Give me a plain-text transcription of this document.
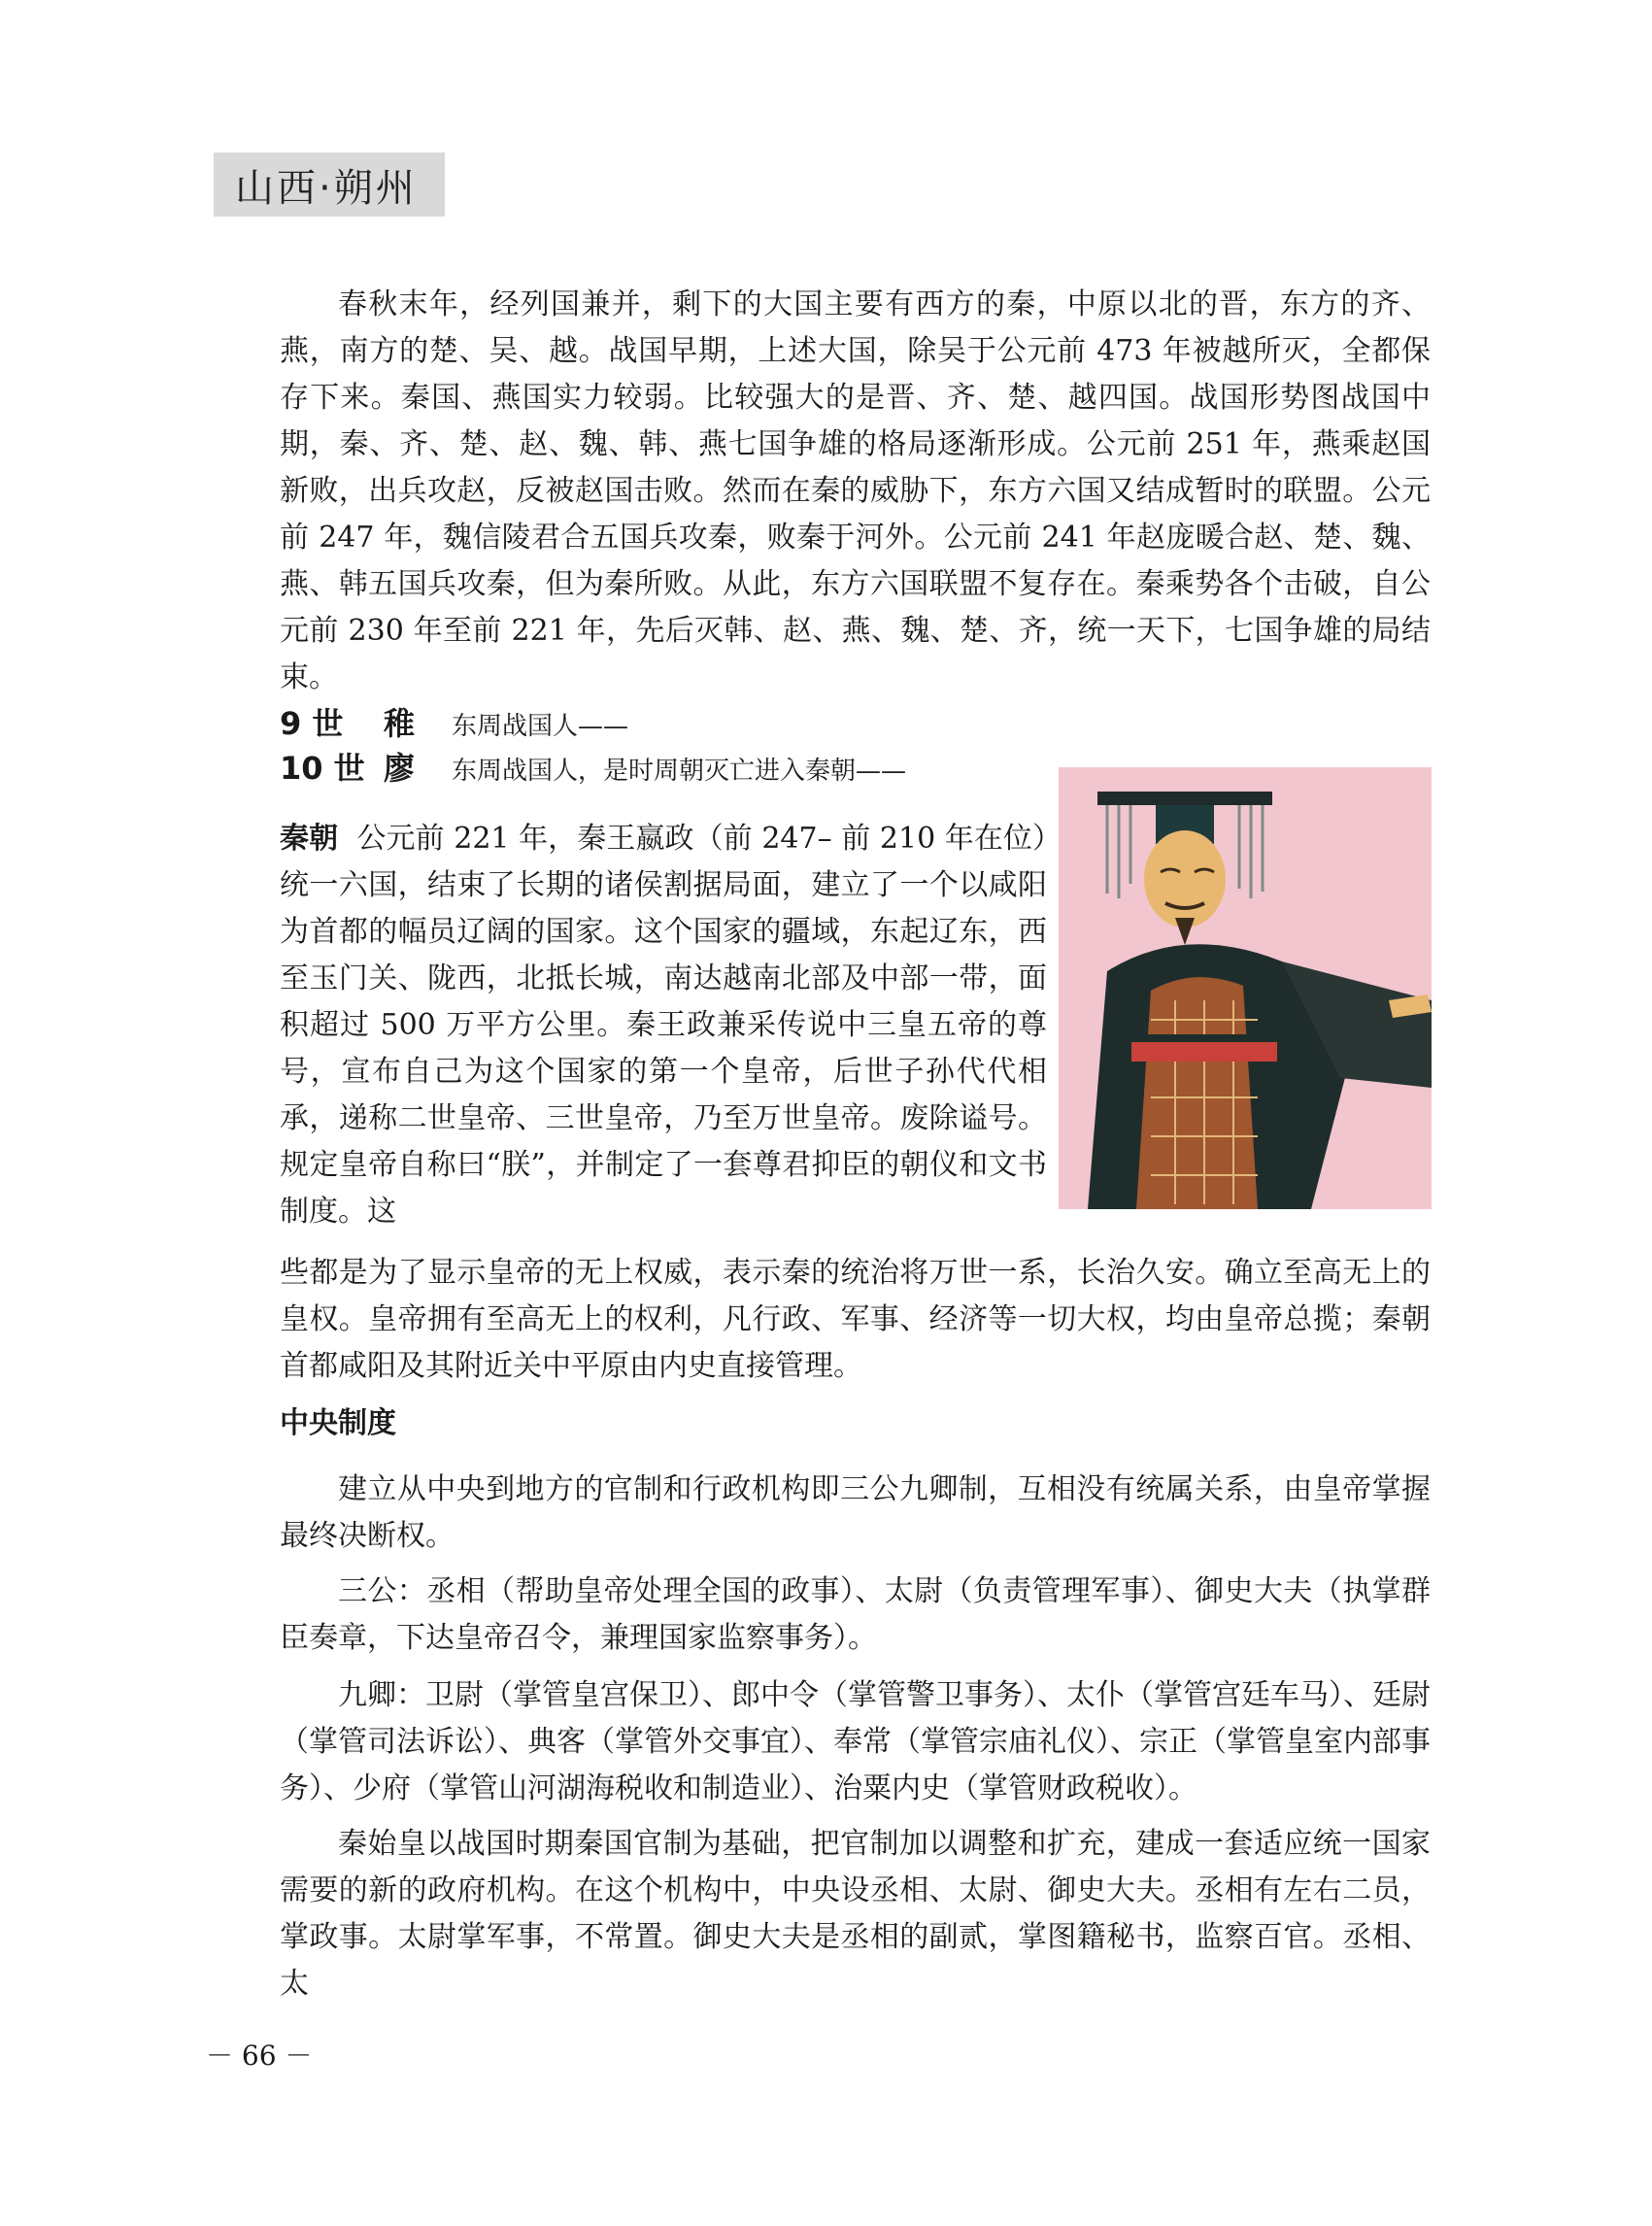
山西·朔州

春秋末年，经列国兼并，剩下的大国主要有西方的秦，中原以北的晋，东方的齐、燕，南方的楚、吴、越。战国早期，上述大国，除吴于公元前 473 年被越所灭，全都保存下来。秦国、燕国实力较弱。比较强大的是晋、齐、楚、越四国。战国形势图战国中期，秦、齐、楚、赵、魏、韩、燕七国争雄的格局逐渐形成。公元前 251 年，燕乘赵国新败，出兵攻赵，反被赵国击败。然而在秦的威胁下，东方六国又结成暂时的联盟。公元前 247 年，魏信陵君合五国兵攻秦，败秦于河外。公元前 241 年赵庞暖合赵、楚、魏、燕、韩五国兵攻秦，但为秦所败。从此，东方六国联盟不复存在。秦乘势各个击破，自公元前 230 年至前 221 年，先后灭韩、赵、燕、魏、楚、齐，统一天下，七国争雄的局结束。

9 世	稚	东周战国人——
10 世 廖	东周战国人，是时周朝灭亡进入秦朝——

秦朝 公元前 221 年，秦王嬴政（前 247– 前 210 年在位）统一六国，结束了长期的诸侯割据局面，建立了一个以咸阳为首都的幅员辽阔的国家。这个国家的疆域，东起辽东，西至玉门关、陇西，北抵长城，南达越南北部及中部一带，面积超过 500 万平方公里。秦王政兼采传说中三皇五帝的尊号，宣布自己为这个国家的第一个皇帝，后世子孙代代相承，递称二世皇帝、三世皇帝，乃至万世皇帝。废除谥号。规定皇帝自称曰“朕”，并制定了一套尊君抑臣的朝仪和文书制度。这

些都是为了显示皇帝的无上权威，表示秦的统治将万世一系，长治久安。确立至高无上的皇权。皇帝拥有至高无上的权利，凡行政、军事、经济等一切大权，均由皇帝总揽；秦朝首都咸阳及其附近关中平原由内史直接管理。

中央制度

建立从中央到地方的官制和行政机构即三公九卿制，互相没有统属关系，由皇帝掌握最终决断权。

三公：丞相（帮助皇帝处理全国的政事）、太尉（负责管理军事）、御史大夫（执掌群臣奏章，下达皇帝召令，兼理国家监察事务）。

九卿：卫尉（掌管皇宫保卫）、郎中令（掌管警卫事务）、太仆（掌管宫廷车马）、廷尉（掌管司法诉讼）、典客（掌管外交事宜）、奉常（掌管宗庙礼仪）、宗正（掌管皇室内部事务）、少府（掌管山河湖海税收和制造业）、治粟内史（掌管财政税收）。

秦始皇以战国时期秦国官制为基础，把官制加以调整和扩充，建成一套适应统一国家需要的新的政府机构。在这个机构中，中央设丞相、太尉、御史大夫。丞相有左右二员，掌政事。太尉掌军事，不常置。御史大夫是丞相的副贰，掌图籍秘书，监察百官。丞相、太

－ 66 －
